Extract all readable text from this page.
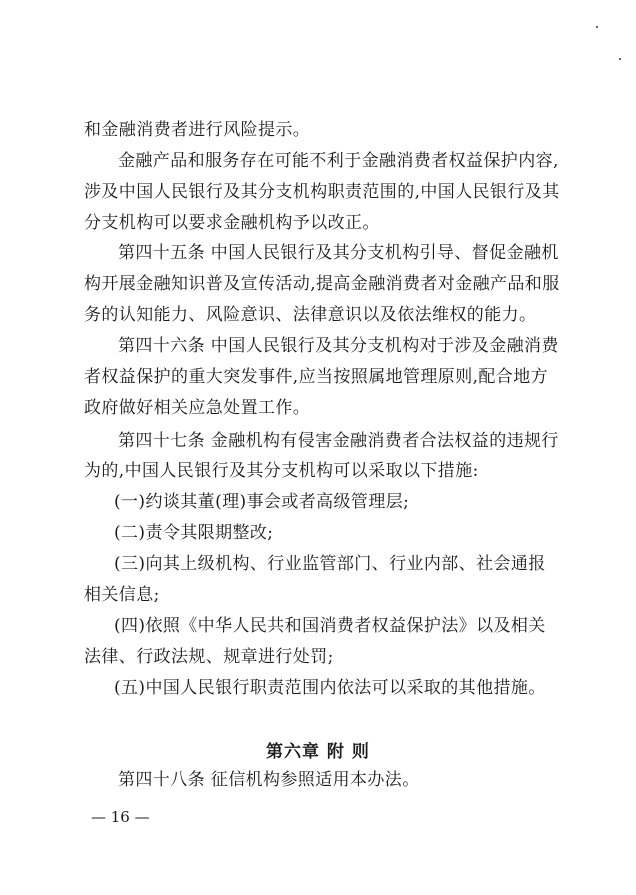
和金融消费者进行风险提示。
金融产品和服务存在可能不利于金融消费者权益保护内容,
涉及中国人民银行及其分支机构职责范围的,中国人民银行及其
分支机构可以要求金融机构予以改正。
第四十五条 中国人民银行及其分支机构引导、督促金融机
构开展金融知识普及宣传活动,提高金融消费者对金融产品和服
务的认知能力、风险意识、法律意识以及依法维权的能力。
第四十六条 中国人民银行及其分支机构对于涉及金融消费
者权益保护的重大突发事件,应当按照属地管理原则,配合地方
政府做好相关应急处置工作。
第四十七条 金融机构有侵害金融消费者合法权益的违规行
为的,中国人民银行及其分支机构可以采取以下措施:
(一)约谈其董(理)事会或者高级管理层;
(二)责令其限期整改;
(三)向其上级机构、行业监管部门、行业内部、社会通报
相关信息;
(四)依照《中华人民共和国消费者权益保护法》以及相关
法律、行政法规、规章进行处罚;
(五)中国人民银行职责范围内依法可以采取的其他措施。
第六章 附 则
第四十八条 征信机构参照适用本办法。
— 16 —
